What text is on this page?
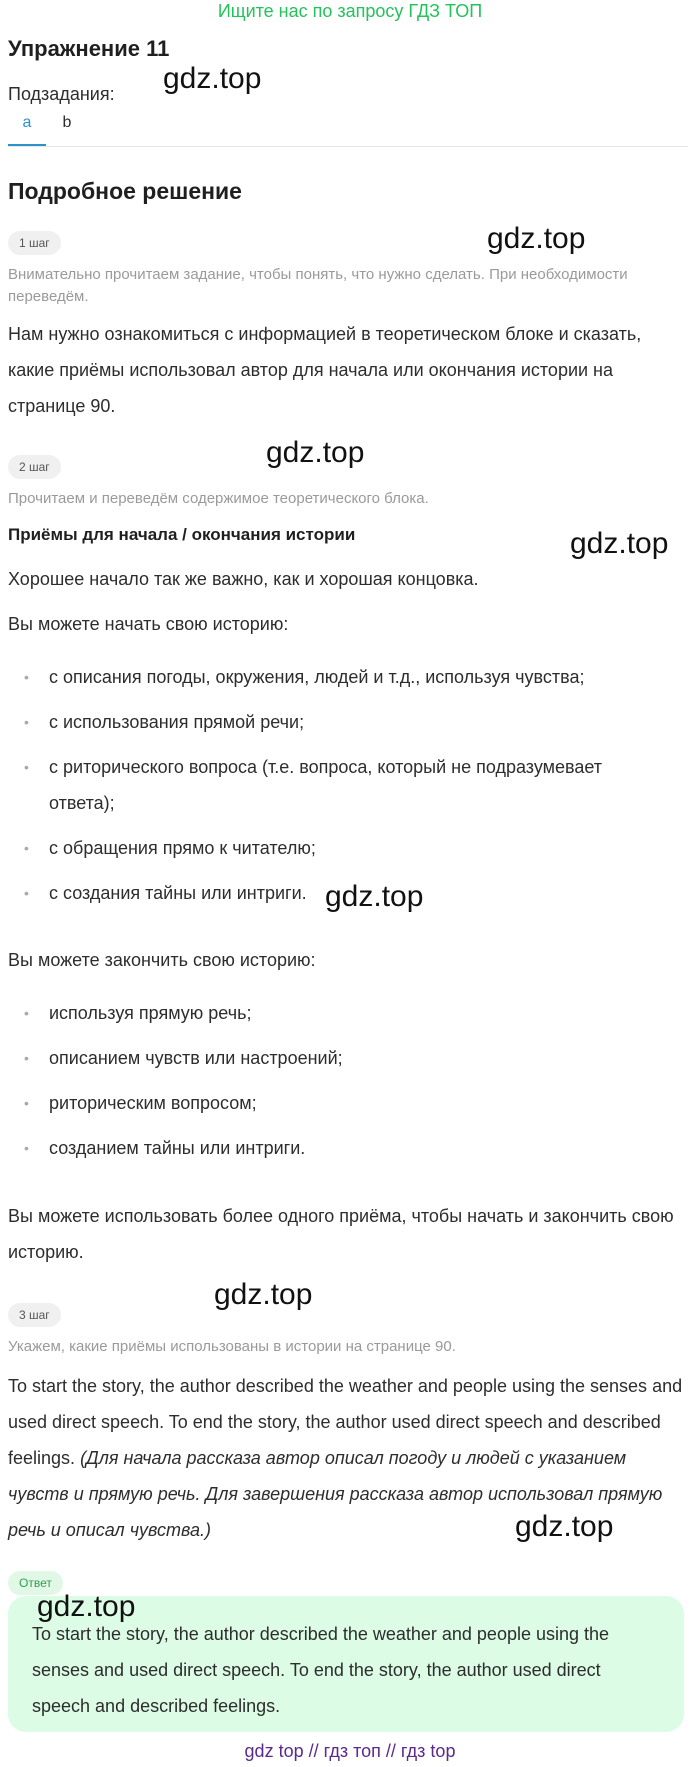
Ищите нас по запросу ГДЗ ТОП
Упражнение 11
Подзадания:
a	b
gdz.top
gdz.top
gdz.top
gdz.top
gdz.top
gdz.top
gdz.top
gdz.top
Подробное решение
1 шаг
Внимательно прочитаем задание, чтобы понять, что нужно сделать. При необходимости переведём.
Нам нужно ознакомиться с информацией в теоретическом блоке и сказать, какие приёмы использовал автор для начала или окончания истории на странице 90.
2 шаг
Прочитаем и переведём содержимое теоретического блока.
Приёмы для начала / окончания истории
Хорошее начало так же важно, как и хорошая концовка.
Вы можете начать свою историю:
• с описания погоды, окружения, людей и т.д., используя чувства;
• с использования прямой речи;
• с риторического вопроса (т.е. вопроса, который не подразумевает ответа);
• с обращения прямо к читателю;
• с создания тайны или интриги.
Вы можете закончить свою историю:
• используя прямую речь;
• описанием чувств или настроений;
• риторическим вопросом;
• созданием тайны или интриги.
Вы можете использовать более одного приёма, чтобы начать и закончить свою историю.
3 шаг
Укажем, какие приёмы использованы в истории на странице 90.
To start the story, the author described the weather and people using the senses and used direct speech. To end the story, the author used direct speech and described feelings. (Для начала рассказа автор описал погоду и людей с указанием чувств и прямую речь. Для завершения рассказа автор использовал прямую речь и описал чувства.)
Ответ
To start the story, the author described the weather and people using the senses and used direct speech. To end the story, the author used direct speech and described feelings.
gdz top // гдз топ // гдз top
